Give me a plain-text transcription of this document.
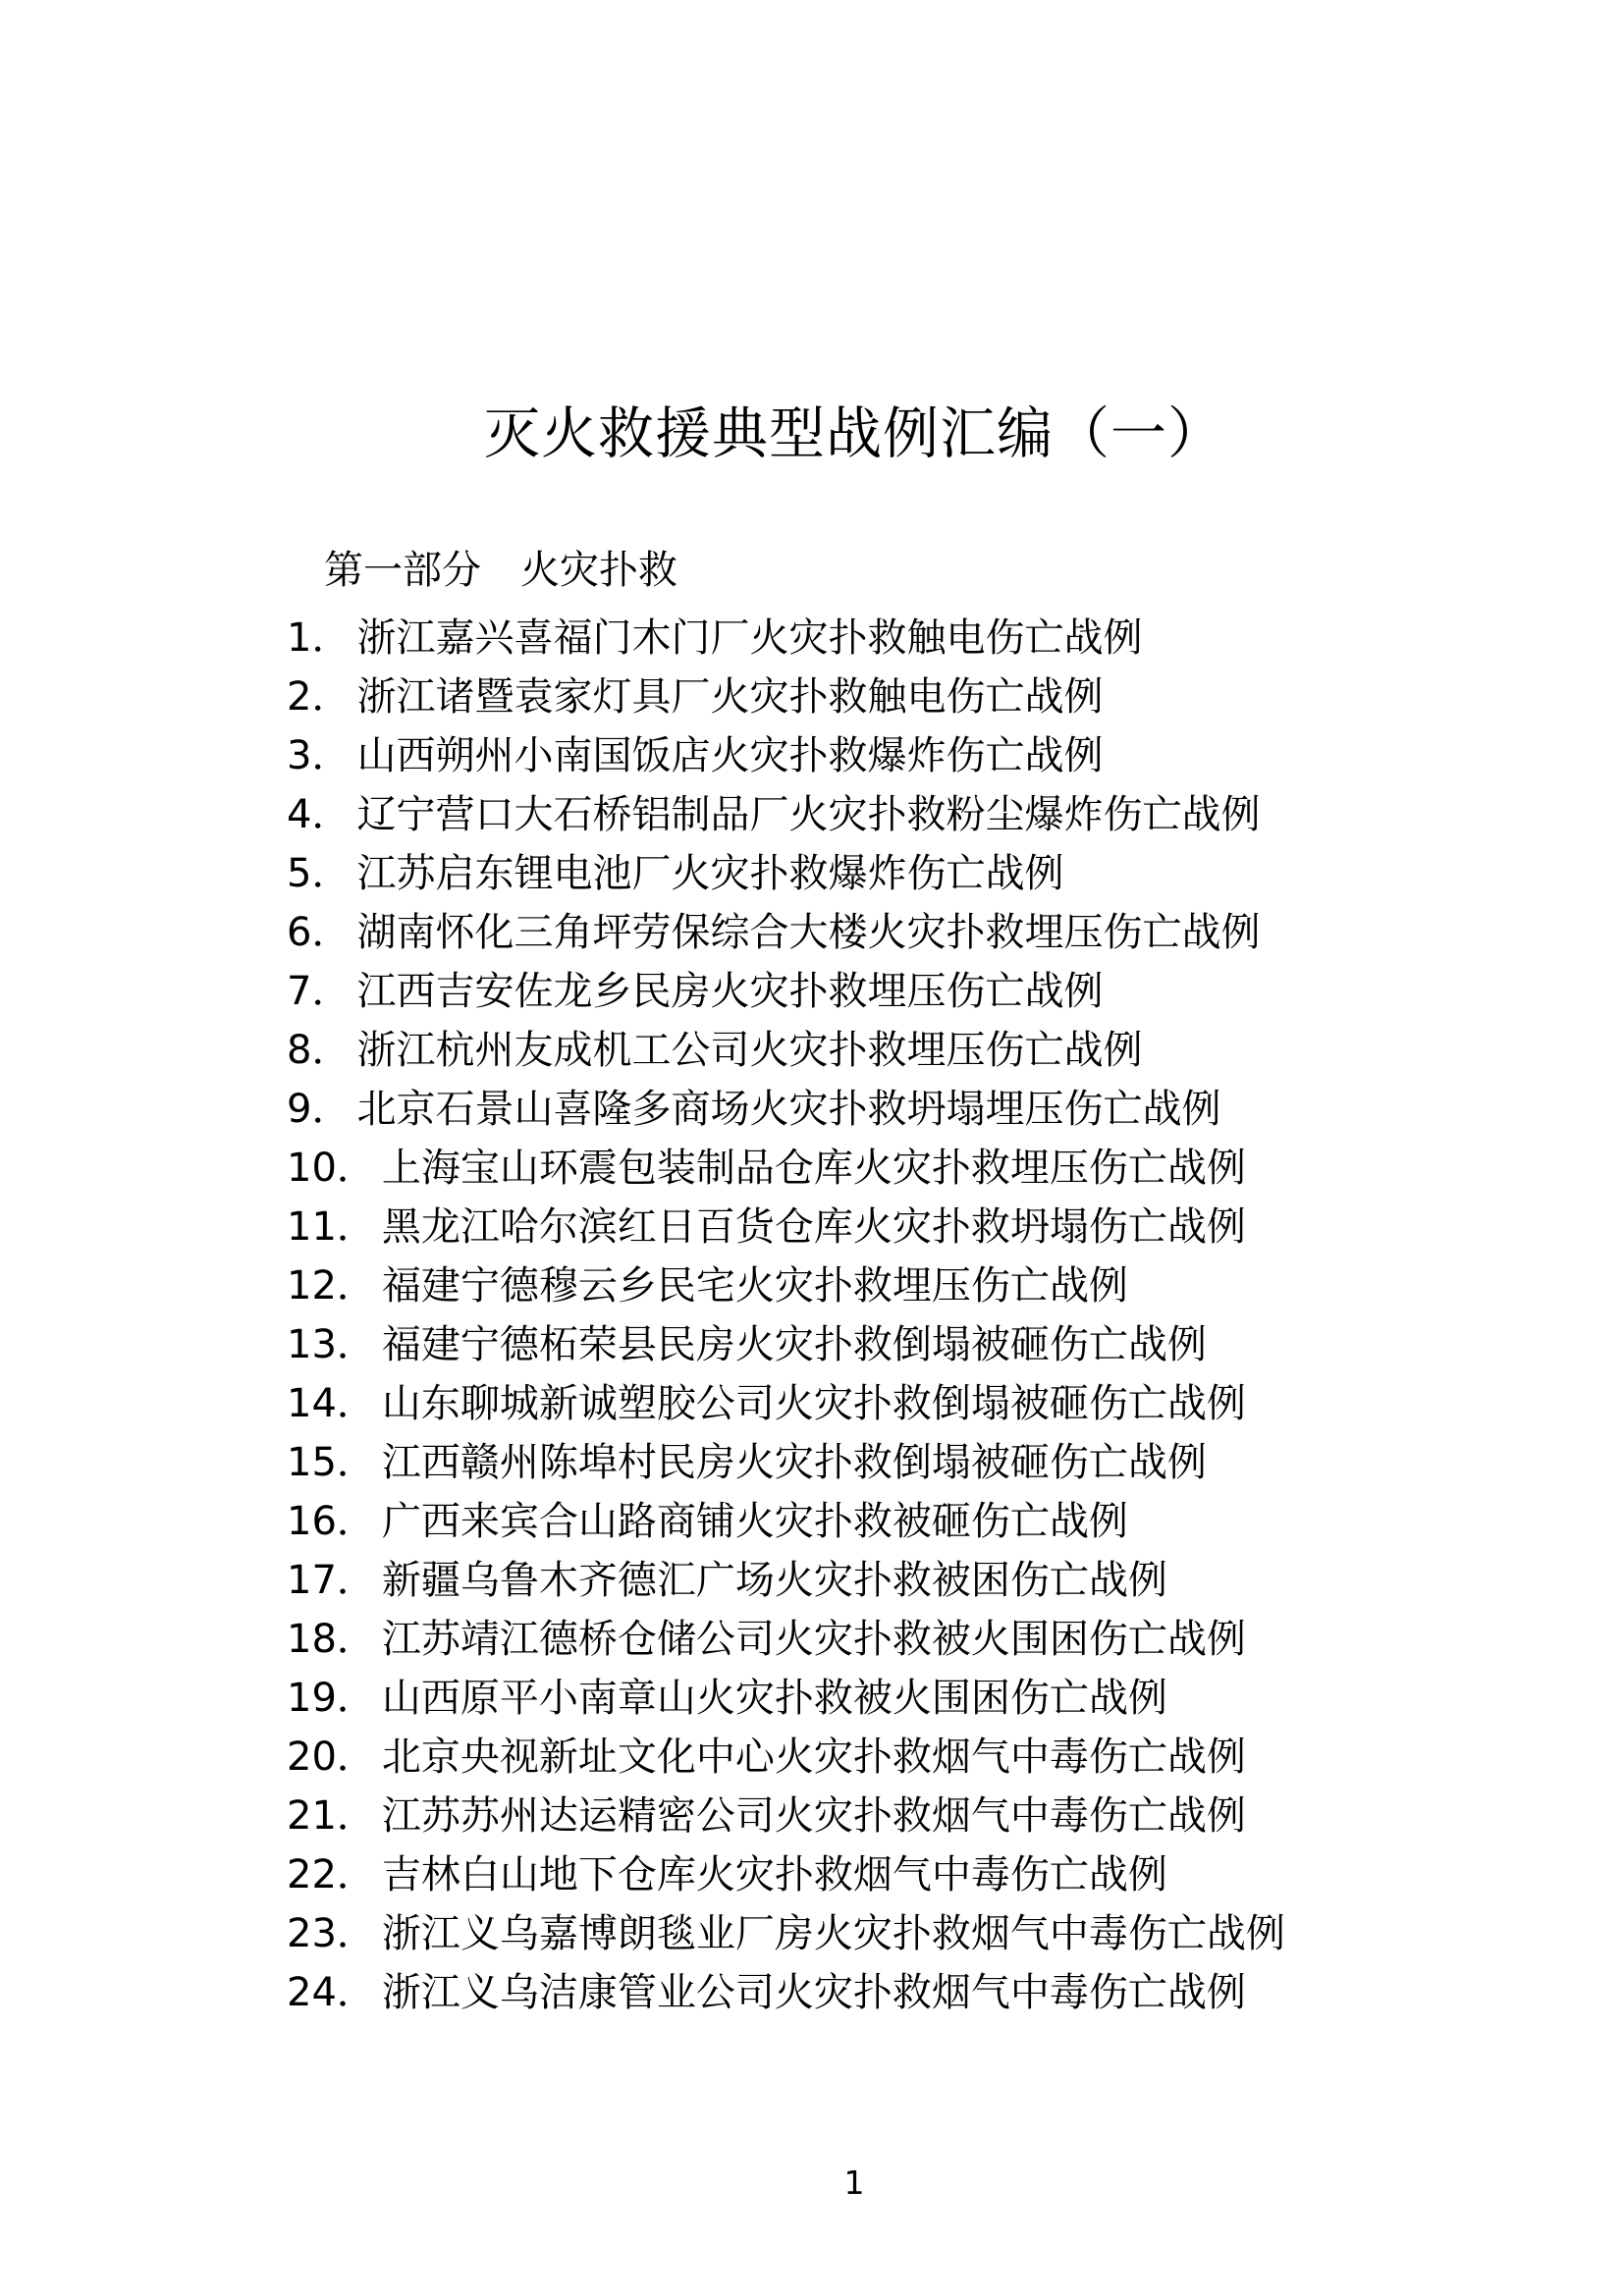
灭火救援典型战例汇编（一）
第一部分　火灾扑救
1． 浙江嘉兴喜福门木门厂火灾扑救触电伤亡战例
2． 浙江诸暨袁家灯具厂火灾扑救触电伤亡战例
3． 山西朔州小南国饭店火灾扑救爆炸伤亡战例
4． 辽宁营口大石桥铝制品厂火灾扑救粉尘爆炸伤亡战例
5． 江苏启东锂电池厂火灾扑救爆炸伤亡战例
6． 湖南怀化三角坪劳保综合大楼火灾扑救埋压伤亡战例
7． 江西吉安佐龙乡民房火灾扑救埋压伤亡战例
8． 浙江杭州友成机工公司火灾扑救埋压伤亡战例
9． 北京石景山喜隆多商场火灾扑救坍塌埋压伤亡战例
10． 上海宝山环震包装制品仓库火灾扑救埋压伤亡战例
11． 黑龙江哈尔滨红日百货仓库火灾扑救坍塌伤亡战例
12． 福建宁德穆云乡民宅火灾扑救埋压伤亡战例
13． 福建宁德柘荣县民房火灾扑救倒塌被砸伤亡战例
14． 山东聊城新诚塑胶公司火灾扑救倒塌被砸伤亡战例
15． 江西赣州陈埠村民房火灾扑救倒塌被砸伤亡战例
16． 广西来宾合山路商铺火灾扑救被砸伤亡战例
17． 新疆乌鲁木齐德汇广场火灾扑救被困伤亡战例
18． 江苏靖江德桥仓储公司火灾扑救被火围困伤亡战例
19． 山西原平小南章山火灾扑救被火围困伤亡战例
20． 北京央视新址文化中心火灾扑救烟气中毒伤亡战例
21． 江苏苏州达运精密公司火灾扑救烟气中毒伤亡战例
22． 吉林白山地下仓库火灾扑救烟气中毒伤亡战例
23． 浙江义乌嘉博朗毯业厂房火灾扑救烟气中毒伤亡战例
24． 浙江义乌洁康管业公司火灾扑救烟气中毒伤亡战例
1
